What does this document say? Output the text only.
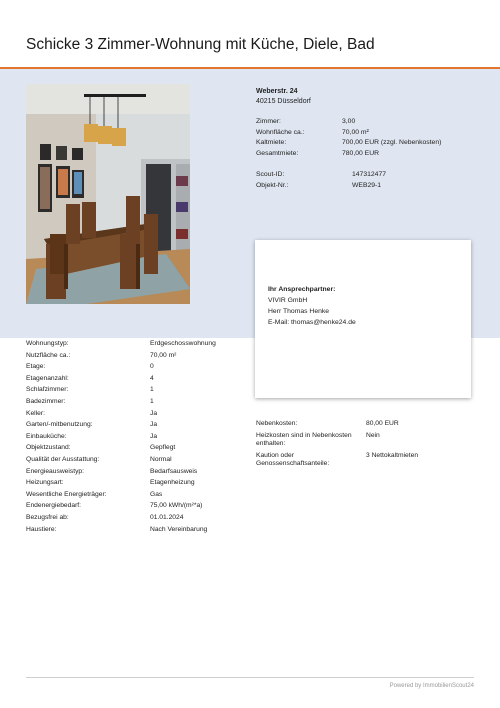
Schicke 3 Zimmer-Wohnung mit Küche, Diele, Bad
Weberstr. 24
40215 Düsseldorf
Zimmer:	3,00
Wohnfläche ca.:	70,00 m²
Kaltmiete:	700,00 EUR (zzgl. Nebenkosten)
Gesamtmiete:	780,00 EUR
Scout-ID:	147312477
Objekt-Nr.:	WEB29-1
Ihr Ansprechpartner:
VIVIR GmbH
Herr Thomas Henke
E-Mail: thomas@henke24.de
Wohnungstyp:	Erdgeschosswohnung
Nutzfläche ca.:	70,00 m²
Etage:	0
Etagenanzahl:	4
Schlafzimmer:	1
Badezimmer:	1
Keller:	Ja
Garten/-mitbenutzung:	Ja
Einbauküche:	Ja
Objektzustand:	Gepflegt
Qualität der Ausstattung:	Normal
Energieausweistyp:	Bedarfsausweis
Heizungsart:	Etagenheizung
Wesentliche Energieträger:	Gas
Endenergiebedarf:	75,00 kWh/(m²*a)
Bezugsfrei ab:	01.01.2024
Haustiere:	Nach Vereinbarung
Nebenkosten:	80,00 EUR
Heizkosten sind in Nebenkosten enthalten:
Nein
Kaution oder Genossenschaftsanteile:
3 Nettokaltmieten
Powered by ImmobilienScout24
